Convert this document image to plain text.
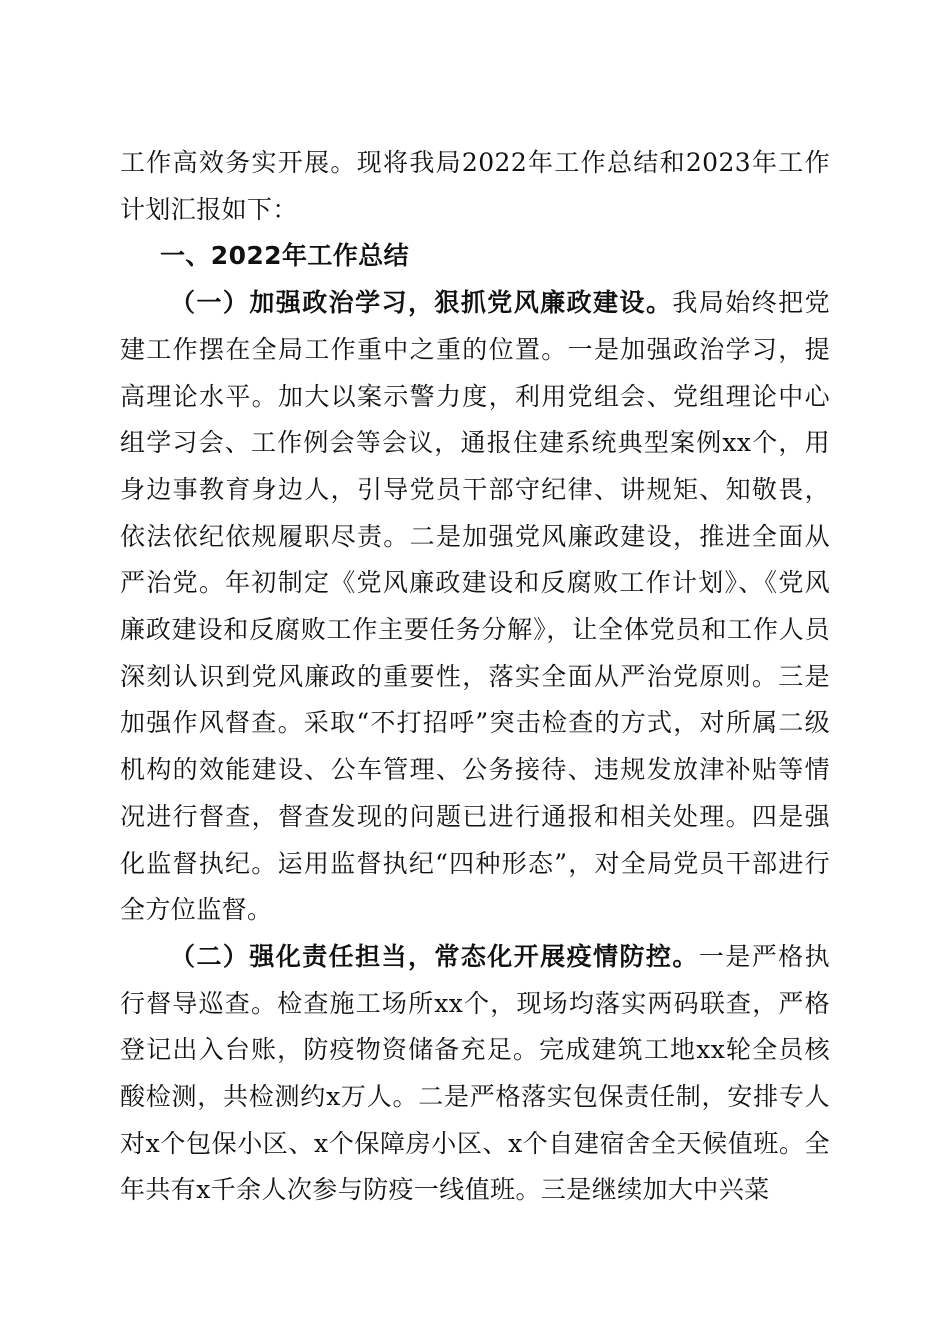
工作高效务实开展。现将我局2022年工作总结和2023年工作计划汇报如下：

一、2022年工作总结

（一）加强政治学习，狠抓党风廉政建设。我局始终把党建工作摆在全局工作重中之重的位置。一是加强政治学习，提高理论水平。加大以案示警力度，利用党组会、党组理论中心组学习会、工作例会等会议，通报住建系统典型案例xx个，用身边事教育身边人，引导党员干部守纪律、讲规矩、知敬畏，依法依纪依规履职尽责。二是加强党风廉政建设，推进全面从严治党。年初制定《党风廉政建设和反腐败工作计划》、《党风廉政建设和反腐败工作主要任务分解》，让全体党员和工作人员深刻认识到党风廉政的重要性，落实全面从严治党原则。三是加强作风督查。采取“不打招呼”突击检查的方式，对所属二级机构的效能建设、公车管理、公务接待、违规发放津补贴等情况进行督查，督查发现的问题已进行通报和相关处理。四是强化监督执纪。运用监督执纪“四种形态”，对全局党员干部进行全方位监督。

（二）强化责任担当，常态化开展疫情防控。一是严格执行督导巡查。检查施工场所xx个，现场均落实两码联查，严格登记出入台账，防疫物资储备充足。完成建筑工地xx轮全员核酸检测，共检测约x万人。二是严格落实包保责任制，安排专人对x个包保小区、x个保障房小区、x个自建宿舍全天候值班。全年共有x千余人次参与防疫一线值班。三是继续加大中兴菜
